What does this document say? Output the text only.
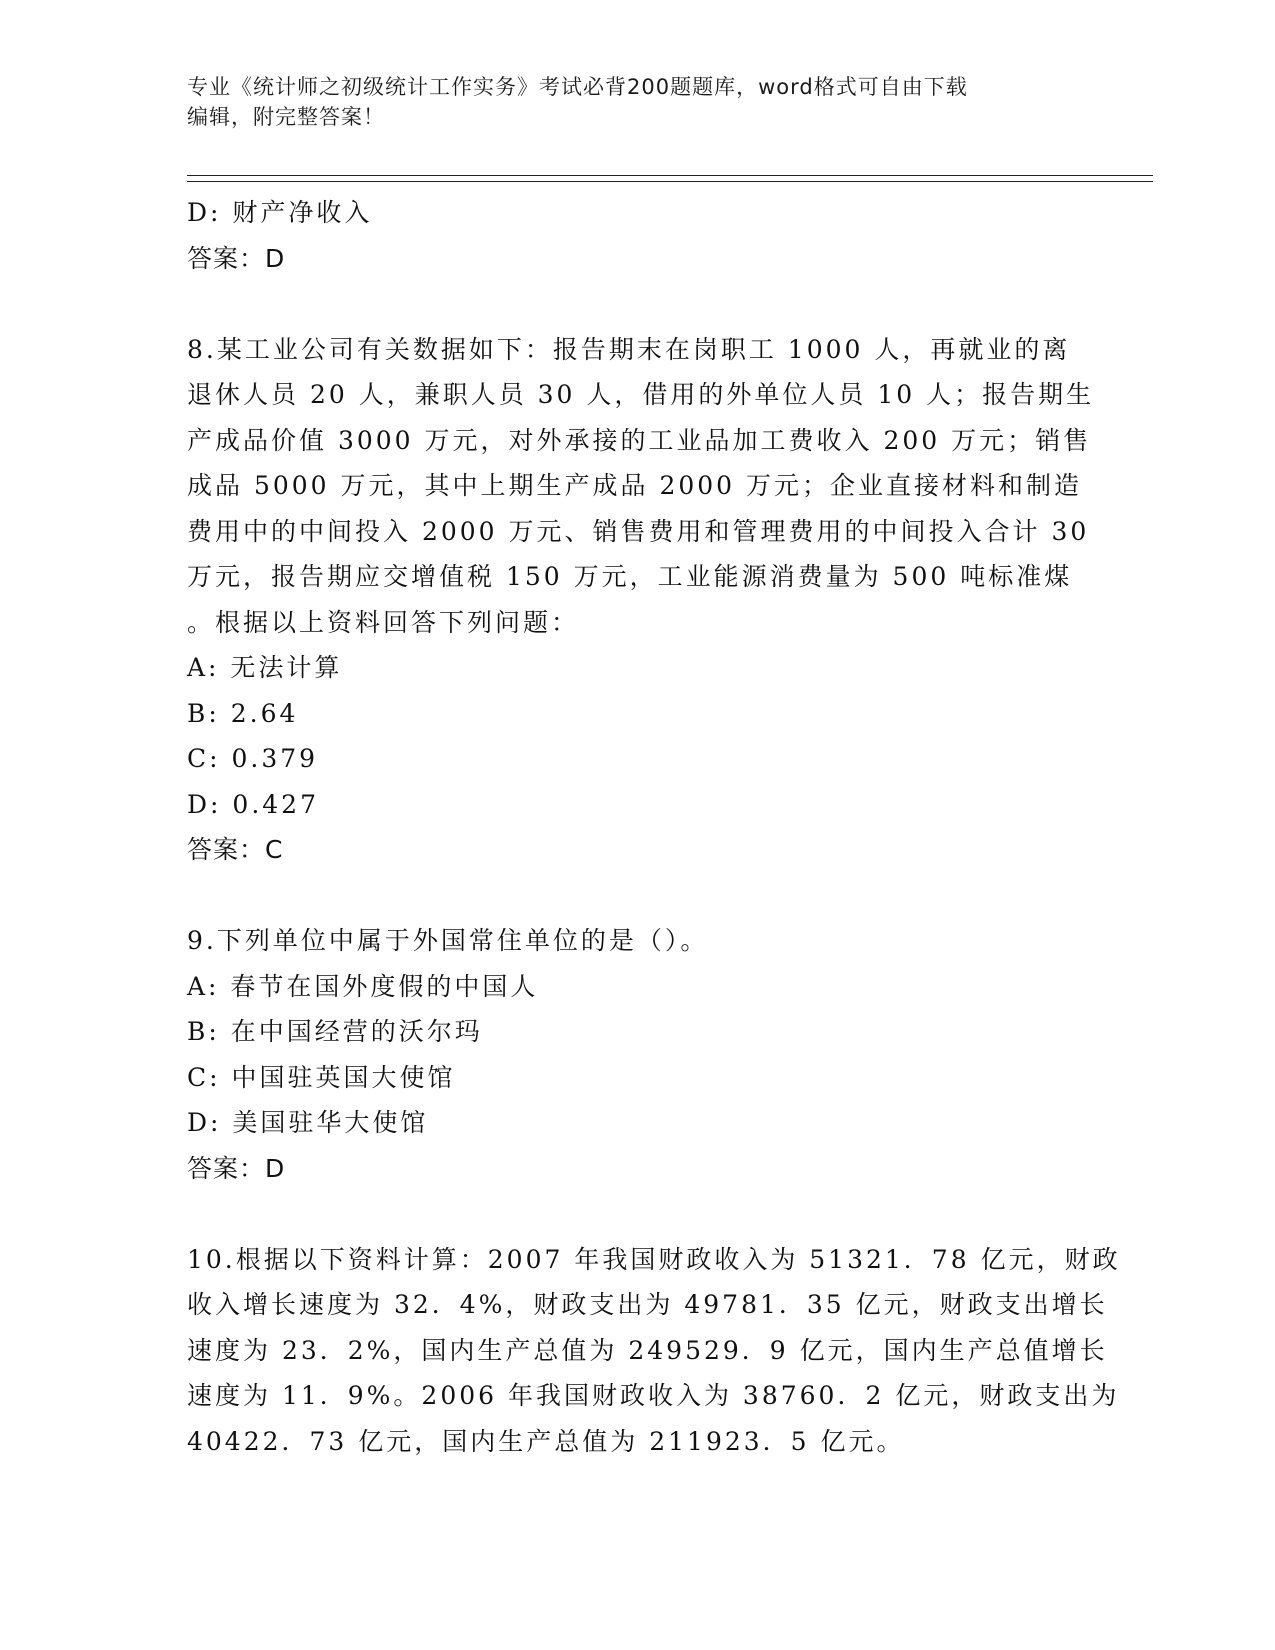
专业《统计师之初级统计工作实务》考试必背200题题库，word格式可自由下载
编辑，附完整答案！
D: 财产净收入
答案：D
8.某工业公司有关数据如下：报告期末在岗职工 1000 人，再就业的离
退休人员 20 人，兼职人员 30 人，借用的外单位人员 10 人；报告期生
产成品价值 3000 万元，对外承接的工业品加工费收入 200 万元；销售
成品 5000 万元，其中上期生产成品 2000 万元；企业直接材料和制造
费用中的中间投入 2000 万元、销售费用和管理费用的中间投入合计 30
万元，报告期应交增值税 150 万元，工业能源消费量为 500 吨标准煤
。根据以上资料回答下列问题：
A: 无法计算
B: 2.64
C: 0.379
D: 0.427
答案：C
9.下列单位中属于外国常住单位的是（）。
A: 春节在国外度假的中国人
B: 在中国经营的沃尔玛
C: 中国驻英国大使馆
D: 美国驻华大使馆
答案：D
10.根据以下资料计算：2007 年我国财政收入为 51321．78 亿元，财政
收入增长速度为 32．4%，财政支出为 49781．35 亿元，财政支出增长
速度为 23．2%，国内生产总值为 249529．9 亿元，国内生产总值增长
速度为 11．9%。2006 年我国财政收入为 38760．2 亿元，财政支出为
40422．73 亿元，国内生产总值为 211923．5 亿元。
